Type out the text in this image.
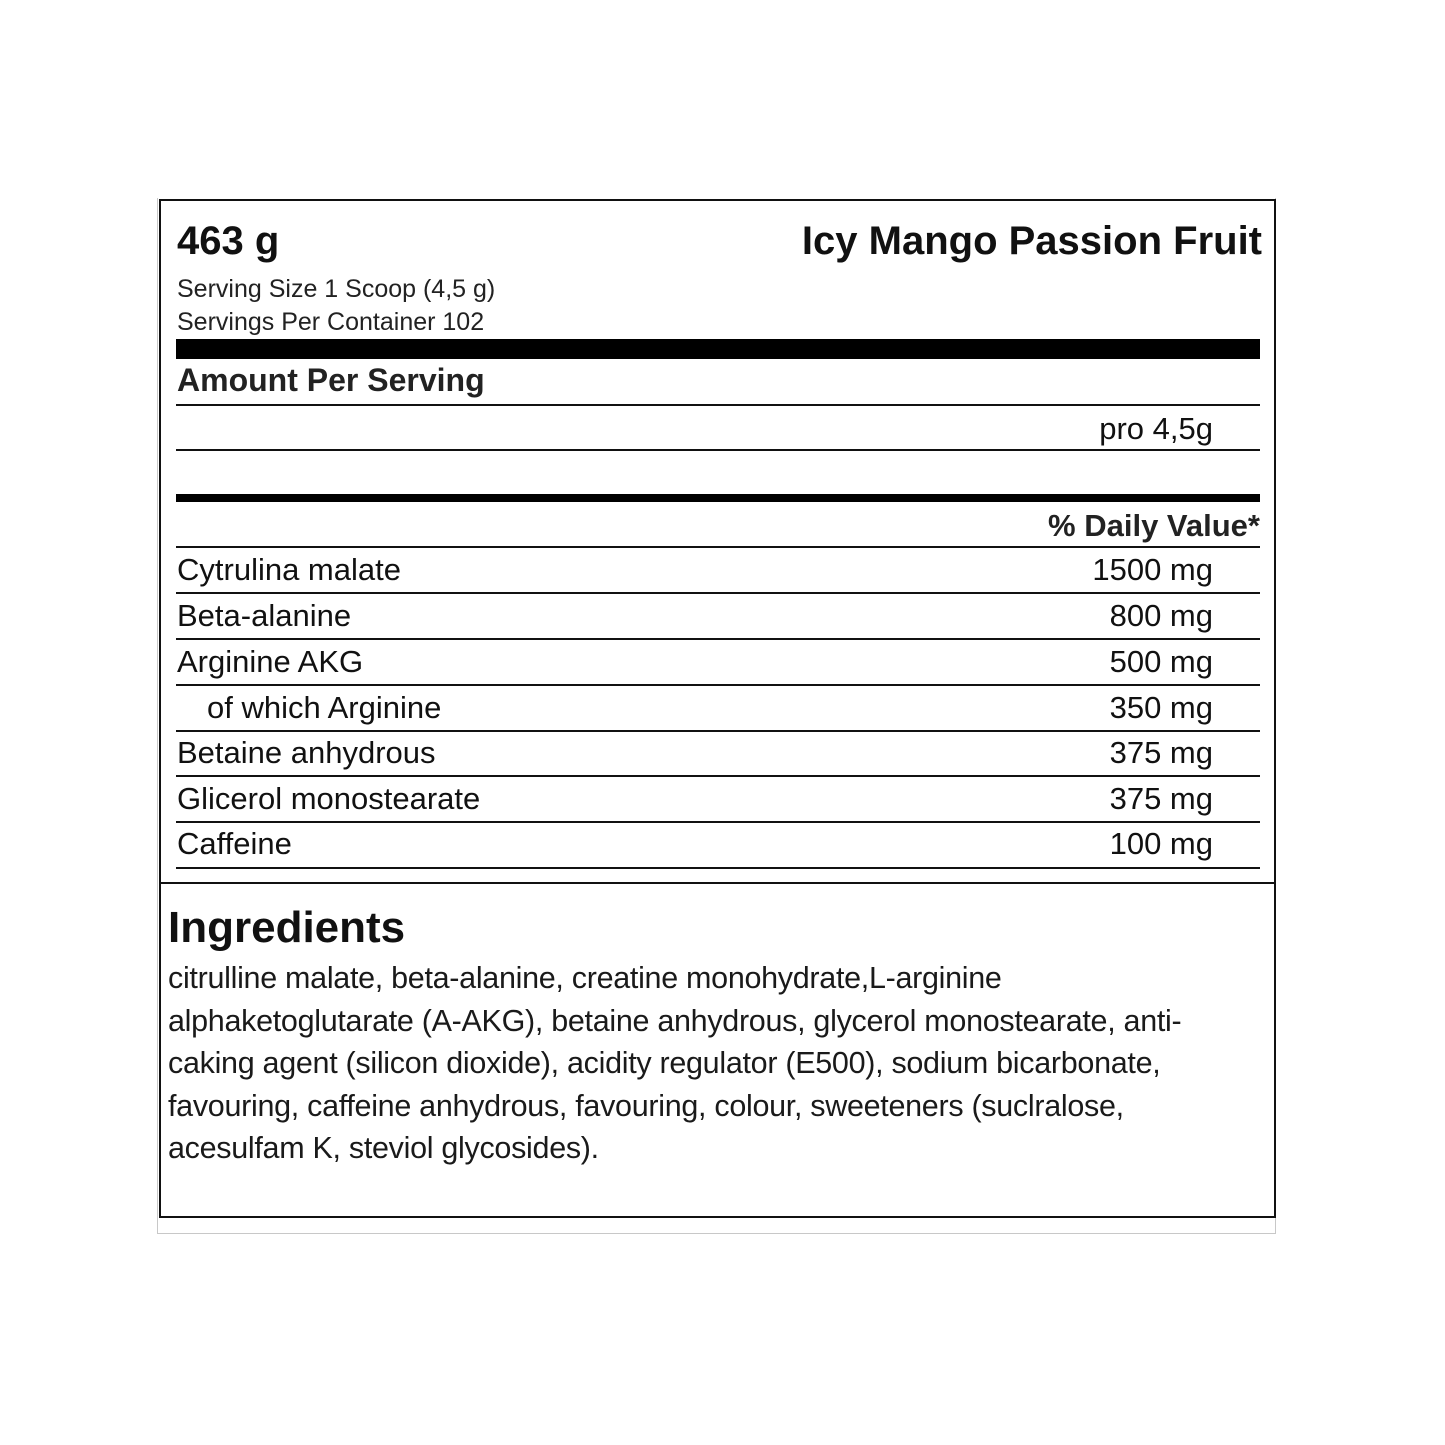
463 g	Icy Mango Passion Fruit
Serving Size 1 Scoop (4,5 g)
Servings Per Container 102
Amount Per Serving
pro 4,5g
% Daily Value*
Cytrulina malate	1500 mg
Beta-alanine	800 mg
Arginine AKG	500 mg
of which Arginine	350 mg
Betaine anhydrous	375 mg
Glicerol monostearate	375 mg
Caffeine	100 mg
Ingredients
citrulline malate, beta-alanine, creatine monohydrate,L-arginine alphaketoglutarate (A-AKG), betaine anhydrous, glycerol monostearate, anti-caking agent (silicon dioxide), acidity regulator (E500), sodium bicarbonate, favouring, caffeine anhydrous, favouring, colour, sweeteners (suclralose, acesulfam K, steviol glycosides).
